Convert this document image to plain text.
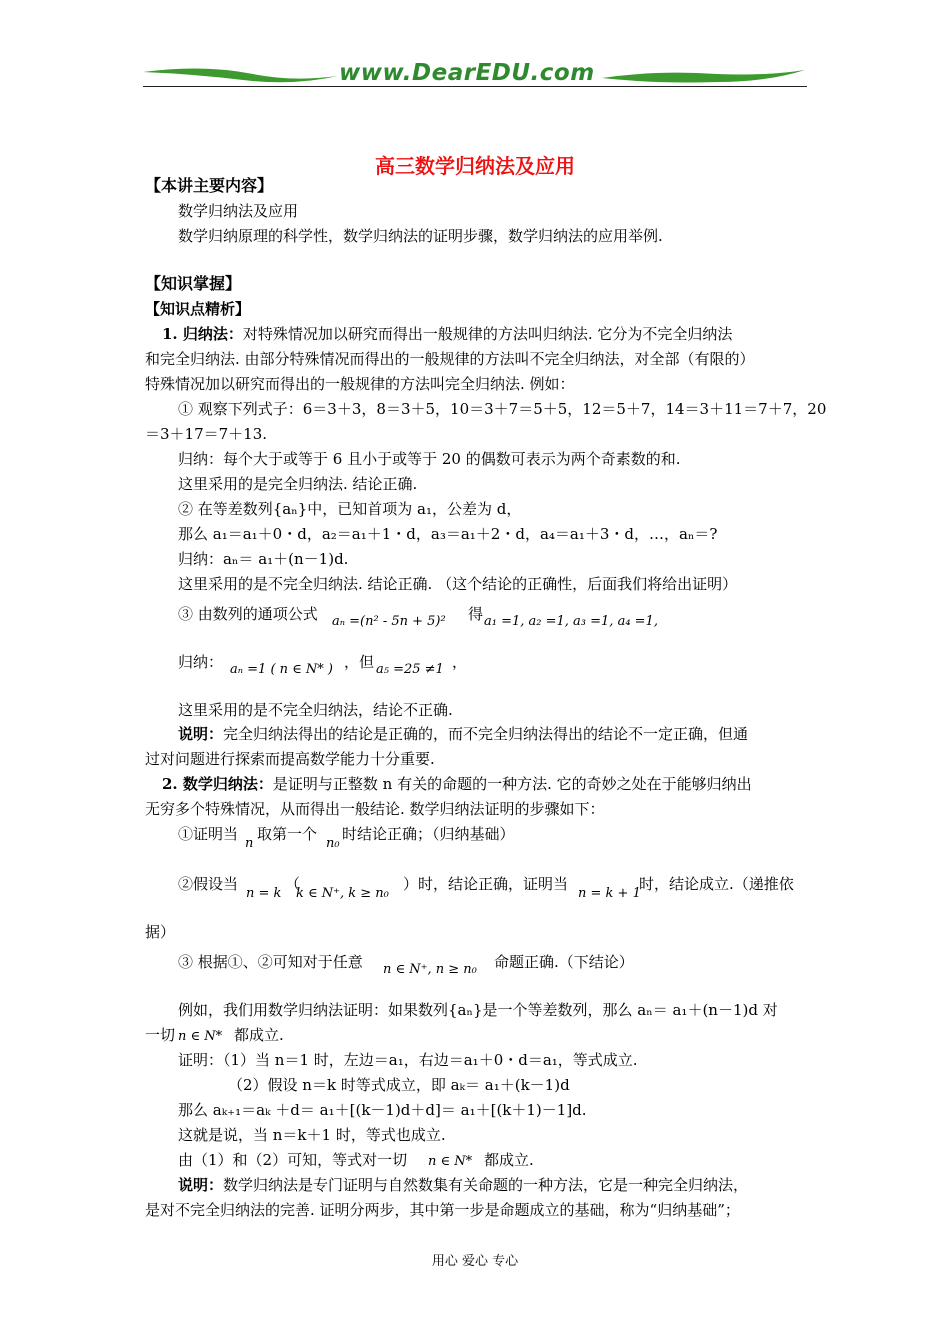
www.DearEDU.com
高三数学归纳法及应用
【本讲主要内容】
数学归纳法及应用
数学归纳原理的科学性，数学归纳法的证明步骤，数学归纳法的应用举例.
【知识掌握】
【知识点精析】
1. 归纳法：对特殊情况加以研究而得出一般规律的方法叫归纳法. 它分为不完全归纳法
和完全归纳法. 由部分特殊情况而得出的一般规律的方法叫不完全归纳法，对全部（有限的）
特殊情况加以研究而得出的一般规律的方法叫完全归纳法. 例如：
① 观察下列式子：6＝3＋3，8＝3＋5，10＝3＋7＝5＋5，12＝5＋7，14＝3＋11＝7＋7，20
＝3＋17＝7＋13.
归纳：每个大于或等于 6 且小于或等于 20 的偶数可表示为两个奇素数的和.
这里采用的是完全归纳法. 结论正确.
② 在等差数列{aₙ}中，已知首项为 a₁，公差为 d，
那么 a₁＝a₁＋0・d，a₂＝a₁＋1・d，a₃＝a₁＋2・d，a₄＝a₁＋3・d，…，aₙ＝?
归纳：aₙ＝ a₁＋(n－1)d.
这里采用的是不完全归纳法. 结论正确. （这个结论的正确性，后面我们将给出证明）
③ 由数列的通项公式 aₙ =(n² - 5n + 5)² 得 a₁ =1, a₂ =1, a₃ =1, a₄ =1,
归纳： aₙ =1 ( n ∈ N* ) ，但 a₅ =25 ≠1 ，
这里采用的是不完全归纳法，结论不正确.
说明：完全归纳法得出的结论是正确的，而不完全归纳法得出的结论不一定正确，但通
过对问题进行探索而提高数学能力十分重要.
2. 数学归纳法：是证明与正整数 n 有关的命题的一种方法. 它的奇妙之处在于能够归纳出
无穷多个特殊情况，从而得出一般结论. 数学归纳法证明的步骤如下：
①证明当
n
取第一个
n₀
时结论正确；（归纳基础）
②假设当
n = k
（
k ∈ N⁺, k ≥ n₀
）时，结论正确，证明当
n = k + 1
时，结论成立.（递推依
据）
③ 根据①、②可知对于任意 n ∈ N⁺, n ≥ n₀ 命题正确.（下结论）
例如，我们用数学归纳法证明：如果数列{aₙ}是一个等差数列，那么 aₙ＝ a₁＋(n－1)d 对
一切 n ∈ N* 都成立.
证明：（1）当 n＝1 时，左边＝a₁，右边＝a₁＋0・d＝a₁，等式成立.
（2）假设 n＝k 时等式成立，即 aₖ＝ a₁＋(k－1)d
那么 aₖ₊₁＝aₖ ＋d＝ a₁＋[(k－1)d＋d]＝ a₁＋[(k＋1)－1]d.
这就是说，当 n＝k＋1 时，等式也成立.
由（1）和（2）可知，等式对一切 n ∈ N* 都成立.
说明：数学归纳法是专门证明与自然数集有关命题的一种方法，它是一种完全归纳法，
是对不完全归纳法的完善. 证明分两步，其中第一步是命题成立的基础，称为“归纳基础”；
用心 爱心 专心
